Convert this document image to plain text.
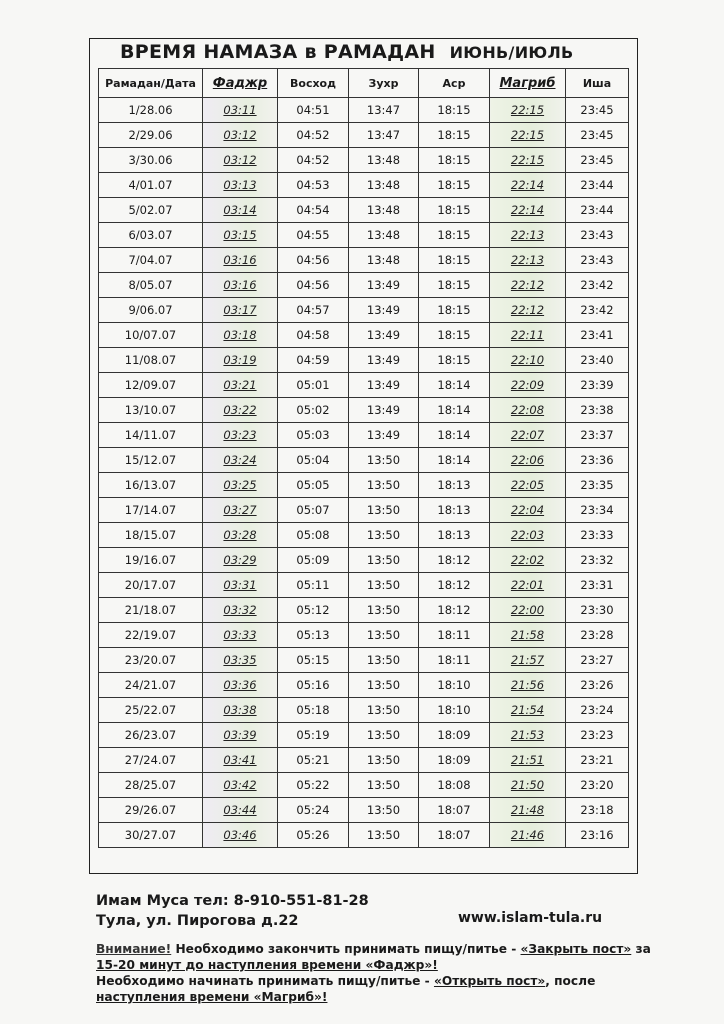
ВРЕМЯ НАМАЗА в РАМАДАН ИЮНЬ/ИЮЛЬ
Рамадан/Дата	Фаджр	Восход	Зухр	Аср	Магриб	Иша
1/28.06	03:11	04:51	13:47	18:15	22:15	23:45
2/29.06	03:12	04:52	13:47	18:15	22:15	23:45
3/30.06	03:12	04:52	13:48	18:15	22:15	23:45
4/01.07	03:13	04:53	13:48	18:15	22:14	23:44
5/02.07	03:14	04:54	13:48	18:15	22:14	23:44
6/03.07	03:15	04:55	13:48	18:15	22:13	23:43
7/04.07	03:16	04:56	13:48	18:15	22:13	23:43
8/05.07	03:16	04:56	13:49	18:15	22:12	23:42
9/06.07	03:17	04:57	13:49	18:15	22:12	23:42
10/07.07	03:18	04:58	13:49	18:15	22:11	23:41
11/08.07	03:19	04:59	13:49	18:15	22:10	23:40
12/09.07	03:21	05:01	13:49	18:14	22:09	23:39
13/10.07	03:22	05:02	13:49	18:14	22:08	23:38
14/11.07	03:23	05:03	13:49	18:14	22:07	23:37
15/12.07	03:24	05:04	13:50	18:14	22:06	23:36
16/13.07	03:25	05:05	13:50	18:13	22:05	23:35
17/14.07	03:27	05:07	13:50	18:13	22:04	23:34
18/15.07	03:28	05:08	13:50	18:13	22:03	23:33
19/16.07	03:29	05:09	13:50	18:12	22:02	23:32
20/17.07	03:31	05:11	13:50	18:12	22:01	23:31
21/18.07	03:32	05:12	13:50	18:12	22:00	23:30
22/19.07	03:33	05:13	13:50	18:11	21:58	23:28
23/20.07	03:35	05:15	13:50	18:11	21:57	23:27
24/21.07	03:36	05:16	13:50	18:10	21:56	23:26
25/22.07	03:38	05:18	13:50	18:10	21:54	23:24
26/23.07	03:39	05:19	13:50	18:09	21:53	23:23
27/24.07	03:41	05:21	13:50	18:09	21:51	23:21
28/25.07	03:42	05:22	13:50	18:08	21:50	23:20
29/26.07	03:44	05:24	13:50	18:07	21:48	23:18
30/27.07	03:46	05:26	13:50	18:07	21:46	23:16
Имам Муса тел: 8-910-551-81-28
Тула, ул. Пирогова д.22	www.islam-tula.ru
Внимание! Необходимо закончить принимать пищу/питье - «Закрыть пост» за
15-20 минут до наступления времени «Фаджр»!
Необходимо начинать принимать пищу/питье - «Открыть пост», после
наступления времени «Магриб»!
